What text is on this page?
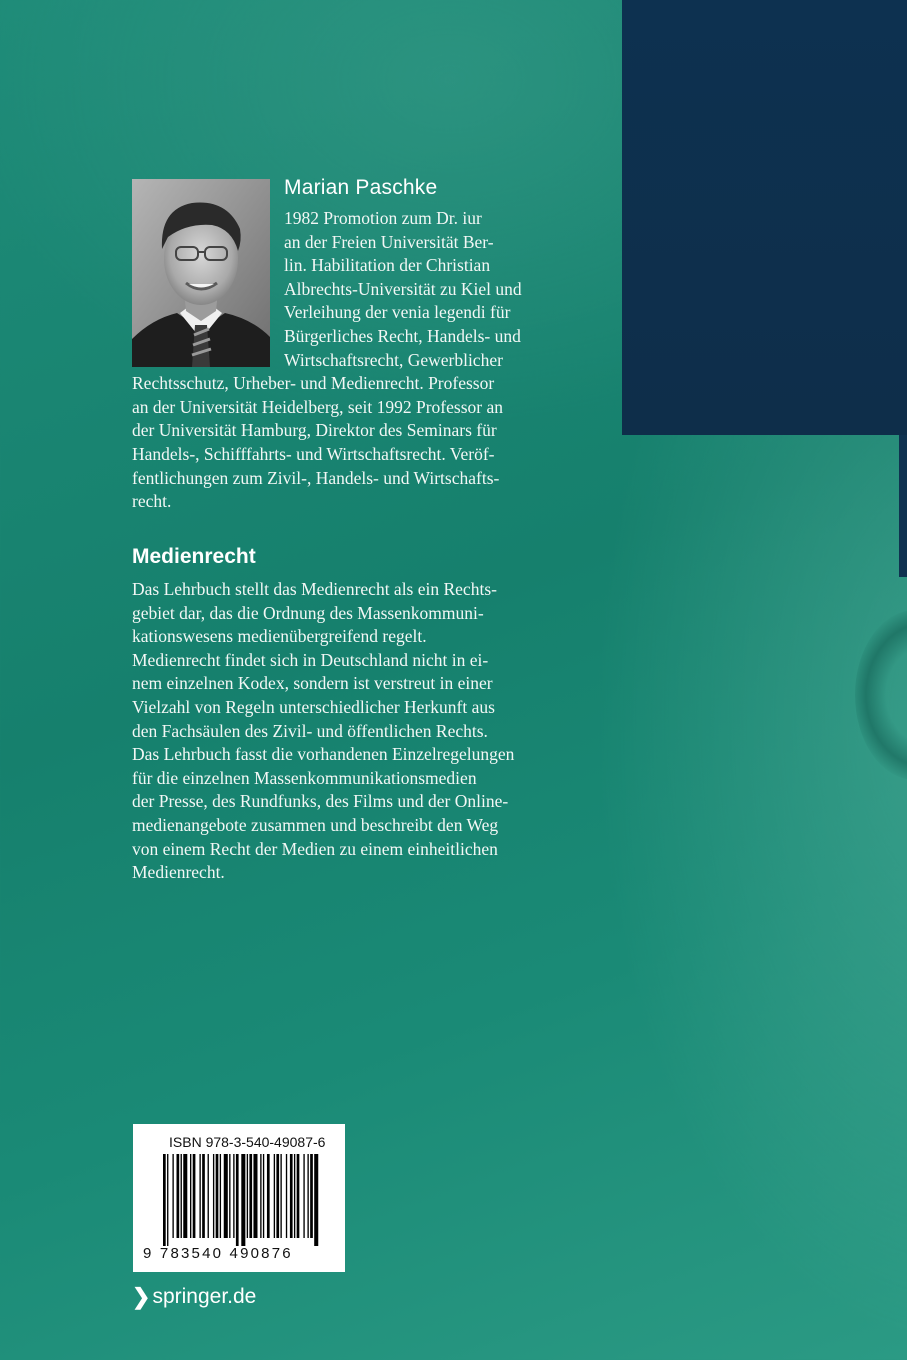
Marian Paschke
1982 Promotion zum Dr. iur
an der Freien Universität Ber-
lin. Habilitation der Christian
Albrechts-Universität zu Kiel und
Verleihung der venia legendi für
Bürgerliches Recht, Handels- und
Wirtschaftsrecht, Gewerblicher
Rechtsschutz, Urheber- und Medienrecht. Professor
an der Universität Heidelberg, seit 1992 Professor an
der Universität Hamburg, Direktor des Seminars für
Handels-, Schifffahrts- und Wirtschaftsrecht. Veröf-
fentlichungen zum Zivil-, Handels- und Wirtschafts-
recht.
Medienrecht
Das Lehrbuch stellt das Medienrecht als ein Rechts-
gebiet dar, das die Ordnung des Massenkommuni-
kationswesens medienübergreifend regelt.
Medienrecht findet sich in Deutschland nicht in ei-
nem einzelnen Kodex, sondern ist verstreut in einer
Vielzahl von Regeln unterschiedlicher Herkunft aus
den Fachsäulen des Zivil- und öffentlichen Rechts.
Das Lehrbuch fasst die vorhandenen Einzelregelungen
für die einzelnen Massenkommunikationsmedien
der Presse, des Rundfunks, des Films und der Online-
medienangebote zusammen und beschreibt den Weg
von einem Recht der Medien zu einem einheitlichen
Medienrecht.
ISBN 978-3-540-49087-6
9 783540 490876
❯ springer.de
